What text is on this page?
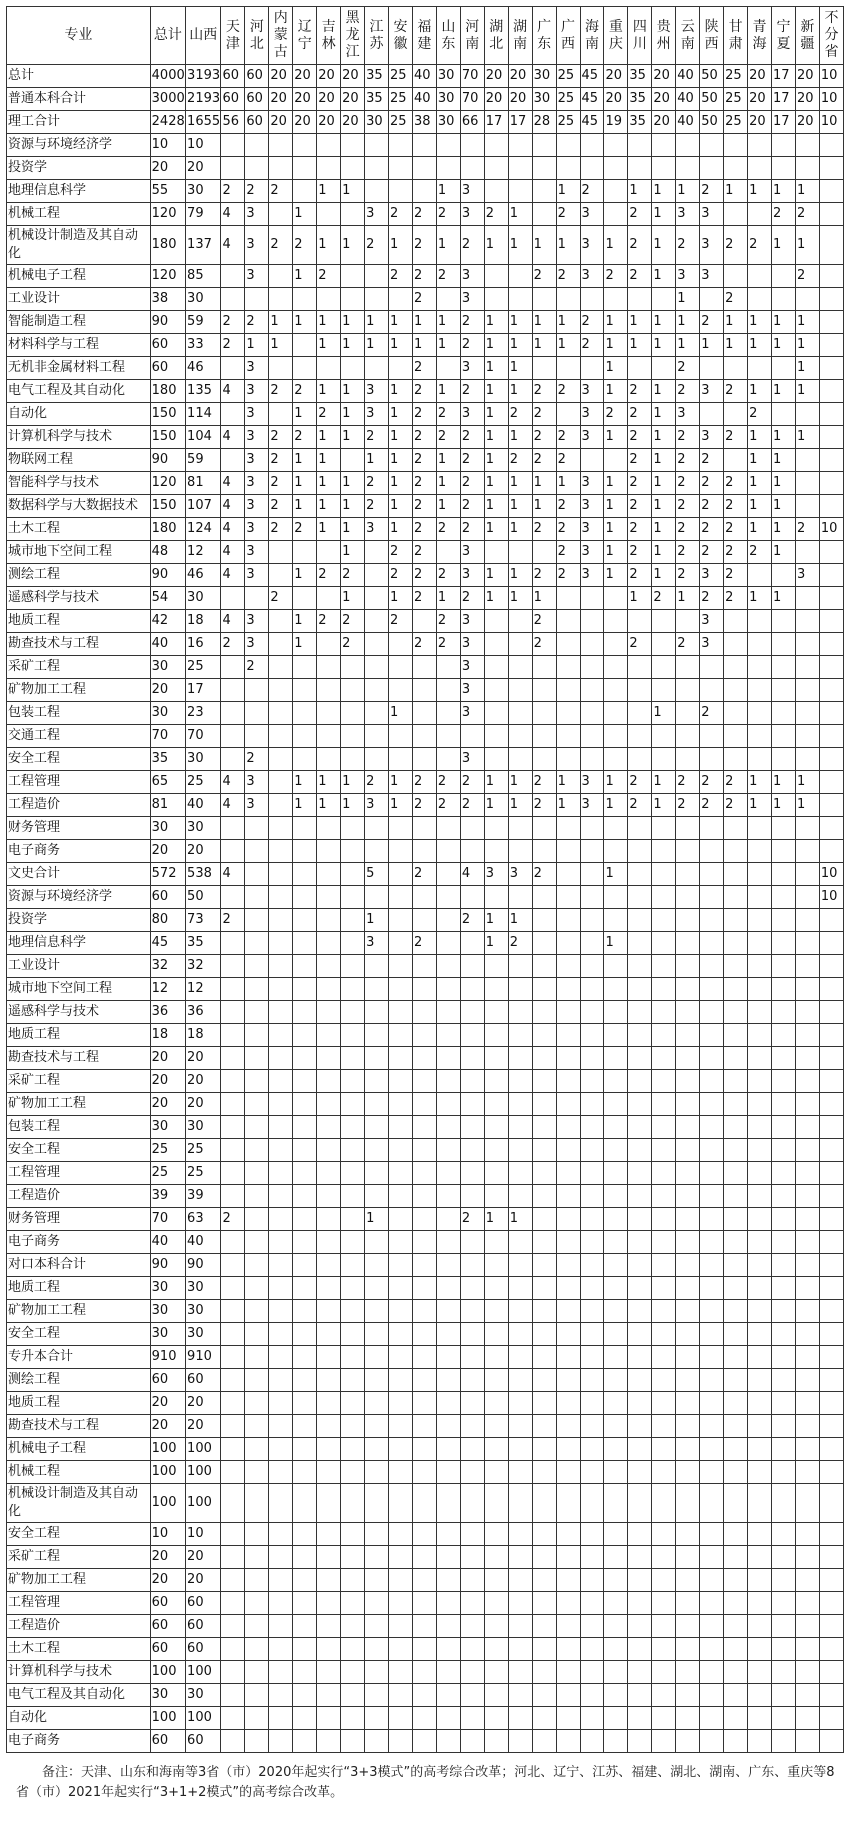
专业	总计	山西	天津	河北	内蒙古	辽宁	吉林	黑龙江	江苏	安徽	福建	山东	河南	湖北	湖南	广东	广西	海南	重庆	四川	贵州	云南	陕西	甘肃	青海	宁夏	新疆	不分省
总计	4000	3193	60	60	20	20	20	20	35	25	40	30	70	20	20	30	25	45	20	35	20	40	50	25	20	17	20	10
普通本科合计	3000	2193	60	60	20	20	20	20	35	25	40	30	70	20	20	30	25	45	20	35	20	40	50	25	20	17	20	10
理工合计	2428	1655	56	60	20	20	20	20	30	25	38	30	66	17	17	28	25	45	19	35	20	40	50	25	20	17	20	10
资源与环境经济学	10	10																										
投资学	20	20																										
地理信息科学	55	30	2	2	2		1	1				1	3				1	2		1	1	1	2	1	1	1	1	
机械工程	120	79	4	3		1			3	2	2	2	3	2	1		2	3		2	1	3	3			2	2	
机械设计制造及其自动化	180	137	4	3	2	2	1	1	2	1	2	1	2	1	1	1	1	3	1	2	1	2	3	2	2	1	1	
机械电子工程	120	85		3		1	2			2	2	2	3			2	2	3	2	2	1	3	3				2	
工业设计	38	30									2		3									1		2				
智能制造工程	90	59	2	2	1	1	1	1	1	1	1	1	2	1	1	1	1	2	1	1	1	1	2	1	1	1	1	
材料科学与工程	60	33	2	1	1		1	1	1	1	1	1	2	1	1	1	1	2	1	1	1	1	1	1	1	1	1	
无机非金属材料工程	60	46		3							2		3	1	1				1			2					1	
电气工程及其自动化	180	135	4	3	2	2	1	1	3	1	2	1	2	1	1	2	2	3	1	2	1	2	3	2	1	1	1	
自动化	150	114		3		1	2	1	3	1	2	2	3	1	2	2		3	2	2	1	3			2			
计算机科学与技术	150	104	4	3	2	2	1	1	2	1	2	2	2	1	1	2	2	3	1	2	1	2	3	2	1	1	1	
物联网工程	90	59		3	2	1	1		1	1	2	1	2	1	2	2	2			2	1	2	2		1	1		
智能科学与技术	120	81	4	3	2	1	1	1	2	1	2	1	2	1	1	1	1	3	1	2	1	2	2	2	1	1		
数据科学与大数据技术	150	107	4	3	2	1	1	1	2	1	2	1	2	1	1	1	2	3	1	2	1	2	2	2	1	1		
土木工程	180	124	4	3	2	2	1	1	3	1	2	2	2	1	1	2	2	3	1	2	1	2	2	2	1	1	2	10
城市地下空间工程	48	12	4	3				1		2	2		3				2	3	1	2	1	2	2	2	2	1		
测绘工程	90	46	4	3		1	2	2		2	2	2	3	1	1	2	2	3	1	2	1	2	3	2			3	
遥感科学与技术	54	30			2			1		1	2	1	2	1	1	1				1	2	1	2	2	1	1		
地质工程	42	18	4	3		1	2	2		2		2	3			2							3					
勘查技术与工程	40	16	2	3		1		2			2	2	3			2				2		2	3					
采矿工程	30	25		2									3															
矿物加工工程	20	17											3															
包装工程	30	23								1			3								1		2					
交通工程	70	70																										
安全工程	35	30		2									3															
工程管理	65	25	4	3		1	1	1	2	1	2	2	2	1	1	2	1	3	1	2	1	2	2	2	1	1	1	
工程造价	81	40	4	3		1	1	1	3	1	2	2	2	1	1	2	1	3	1	2	1	2	2	2	1	1	1	
财务管理	30	30																										
电子商务	20	20																										
文史合计	572	538	4						5		2		4	3	3	2			1									10
资源与环境经济学	60	50																										10
投资学	80	73	2						1				2	1	1													
地理信息科学	45	35							3		2			1	2				1									
工业设计	32	32																										
城市地下空间工程	12	12																										
遥感科学与技术	36	36																										
地质工程	18	18																										
勘查技术与工程	20	20																										
采矿工程	20	20																										
矿物加工工程	20	20																										
包装工程	30	30																										
安全工程	25	25																										
工程管理	25	25																										
工程造价	39	39																										
财务管理	70	63	2						1				2	1	1													
电子商务	40	40																										
对口本科合计	90	90																										
地质工程	30	30																										
矿物加工工程	30	30																										
安全工程	30	30																										
专升本合计	910	910																										
测绘工程	60	60																										
地质工程	20	20																										
勘查技术与工程	20	20																										
机械电子工程	100	100																										
机械工程	100	100																										
机械设计制造及其自动化	100	100																										
安全工程	10	10																										
采矿工程	20	20																										
矿物加工工程	20	20																										
工程管理	60	60																										
工程造价	60	60																										
土木工程	60	60																										
计算机科学与技术	100	100																										
电气工程及其自动化	30	30																										
自动化	100	100																										
电子商务	60	60																										
备注：天津、山东和海南等3省（市）2020年起实行“3+3模式”的高考综合改革；河北、辽宁、江苏、福建、湖北、湖南、广东、重庆等8省（市）2021年起实行“3+1+2模式”的高考综合改革。
